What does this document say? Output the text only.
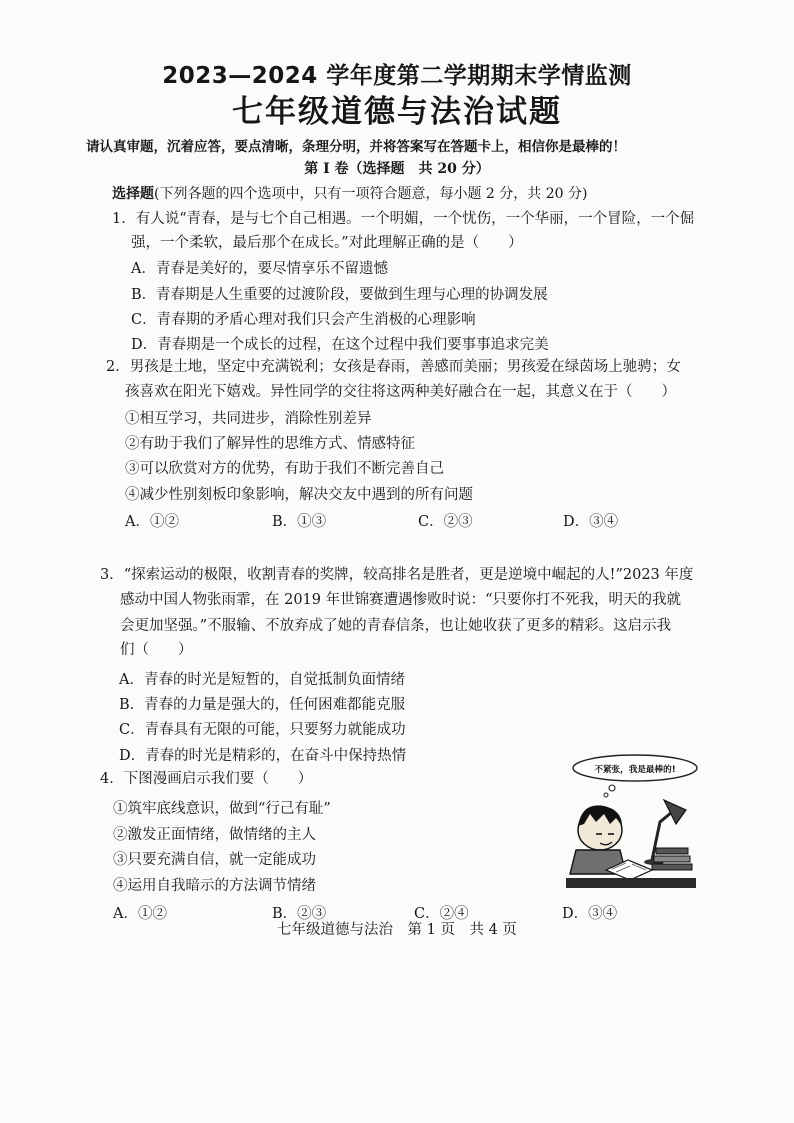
2023—2024 学年度第二学期期末学情监测
七年级道德与法治试题
请认真审题，沉着应答，要点清晰，条理分明，并将答案写在答题卡上，相信你是最棒的！
第 I 卷（选择题　共 20 分）
选择题(下列各题的四个选项中，只有一项符合题意，每小题 2 分，共 20 分)
1．有人说“青春，是与七个自己相遇。一个明媚，一个忧伤，一个华丽，一个冒险，一个倔
强，一个柔软，最后那个在成长。”对此理解正确的是（　　）
A．青春是美好的，要尽情享乐不留遗憾
B．青春期是人生重要的过渡阶段，要做到生理与心理的协调发展
C．青春期的矛盾心理对我们只会产生消极的心理影响
D．青春期是一个成长的过程，在这个过程中我们要事事追求完美
2．男孩是土地，坚定中充满锐利；女孩是春雨，善感而美丽；男孩爱在绿茵场上驰骋；女
孩喜欢在阳光下嬉戏。异性同学的交往将这两种美好融合在一起，其意义在于（　　）
①相互学习，共同进步，消除性别差异
②有助于我们了解异性的思维方式、情感特征
③可以欣赏对方的优势，有助于我们不断完善自己
④减少性别刻板印象影响，解决交友中遇到的所有问题
A．①②	B．①③	C．②③	D．③④
3．“探索运动的极限，收割青春的奖牌，较高排名是胜者，更是逆境中崛起的人!”2023 年度
感动中国人物张雨霏，在 2019 年世锦赛遭遇惨败时说：“只要你打不死我，明天的我就
会更加坚强。”不服输、不放弃成了她的青春信条，也让她收获了更多的精彩。这启示我
们（　　）
A．青春的时光是短暂的，自觉抵制负面情绪
B．青春的力量是强大的，任何困难都能克服
C．青春具有无限的可能，只要努力就能成功
D．青春的时光是精彩的，在奋斗中保持热情
4．下图漫画启示我们要（　　）
①筑牢底线意识，做到“行己有耻”
②激发正面情绪，做情绪的主人
③只要充满自信，就一定能成功
④运用自我暗示的方法调节情绪
A．①②	B．②③	C．②④	D．③④
不紧张，我是最棒的!
七年级道德与法治　第 1 页　共 4 页
